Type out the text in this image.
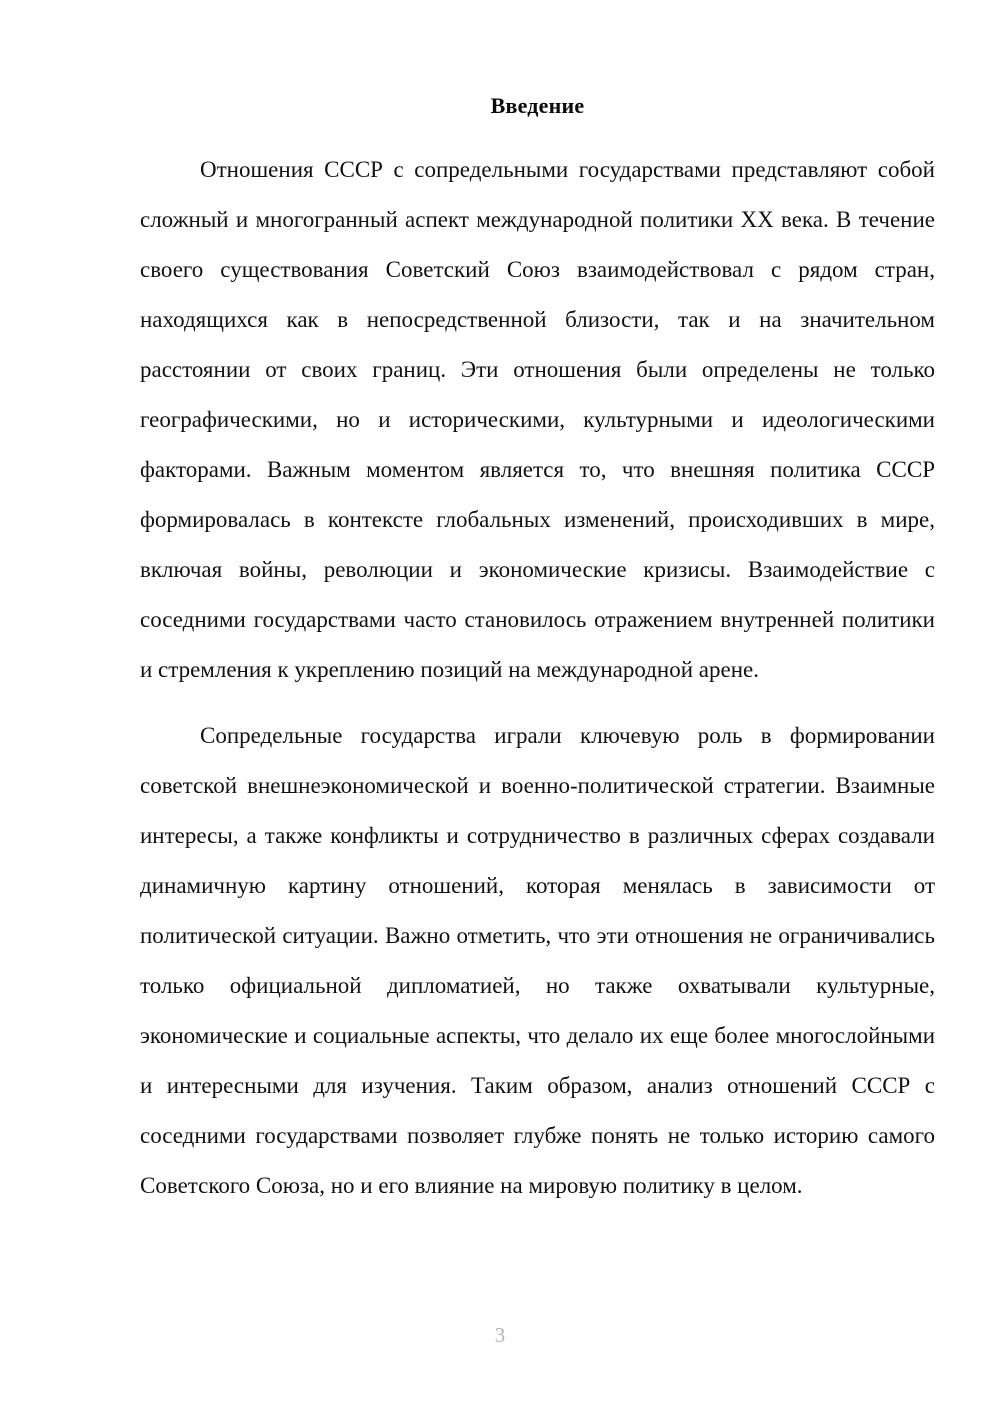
Введение

Отношения СССР с сопредельными государствами представляют собой сложный и многогранный аспект международной политики XX века. В течение своего существования Советский Союз взаимодействовал с рядом стран, находящихся как в непосредственной близости, так и на значительном расстоянии от своих границ. Эти отношения были определены не только географическими, но и историческими, культурными и идеологическими факторами. Важным моментом является то, что внешняя политика СССР формировалась в контексте глобальных изменений, происходивших в мире, включая войны, революции и экономические кризисы. Взаимодействие с соседними государствами часто становилось отражением внутренней политики и стремления к укреплению позиций на международной арене.

Сопредельные государства играли ключевую роль в формировании советской внешнеэкономической и военно-политической стратегии. Взаимные интересы, а также конфликты и сотрудничество в различных сферах создавали динамичную картину отношений, которая менялась в зависимости от политической ситуации. Важно отметить, что эти отношения не ограничивались только официальной дипломатией, но также охватывали культурные, экономические и социальные аспекты, что делало их еще более многослойными и интересными для изучения. Таким образом, анализ отношений СССР с соседними государствами позволяет глубже понять не только историю самого Советского Союза, но и его влияние на мировую политику в целом.

3
